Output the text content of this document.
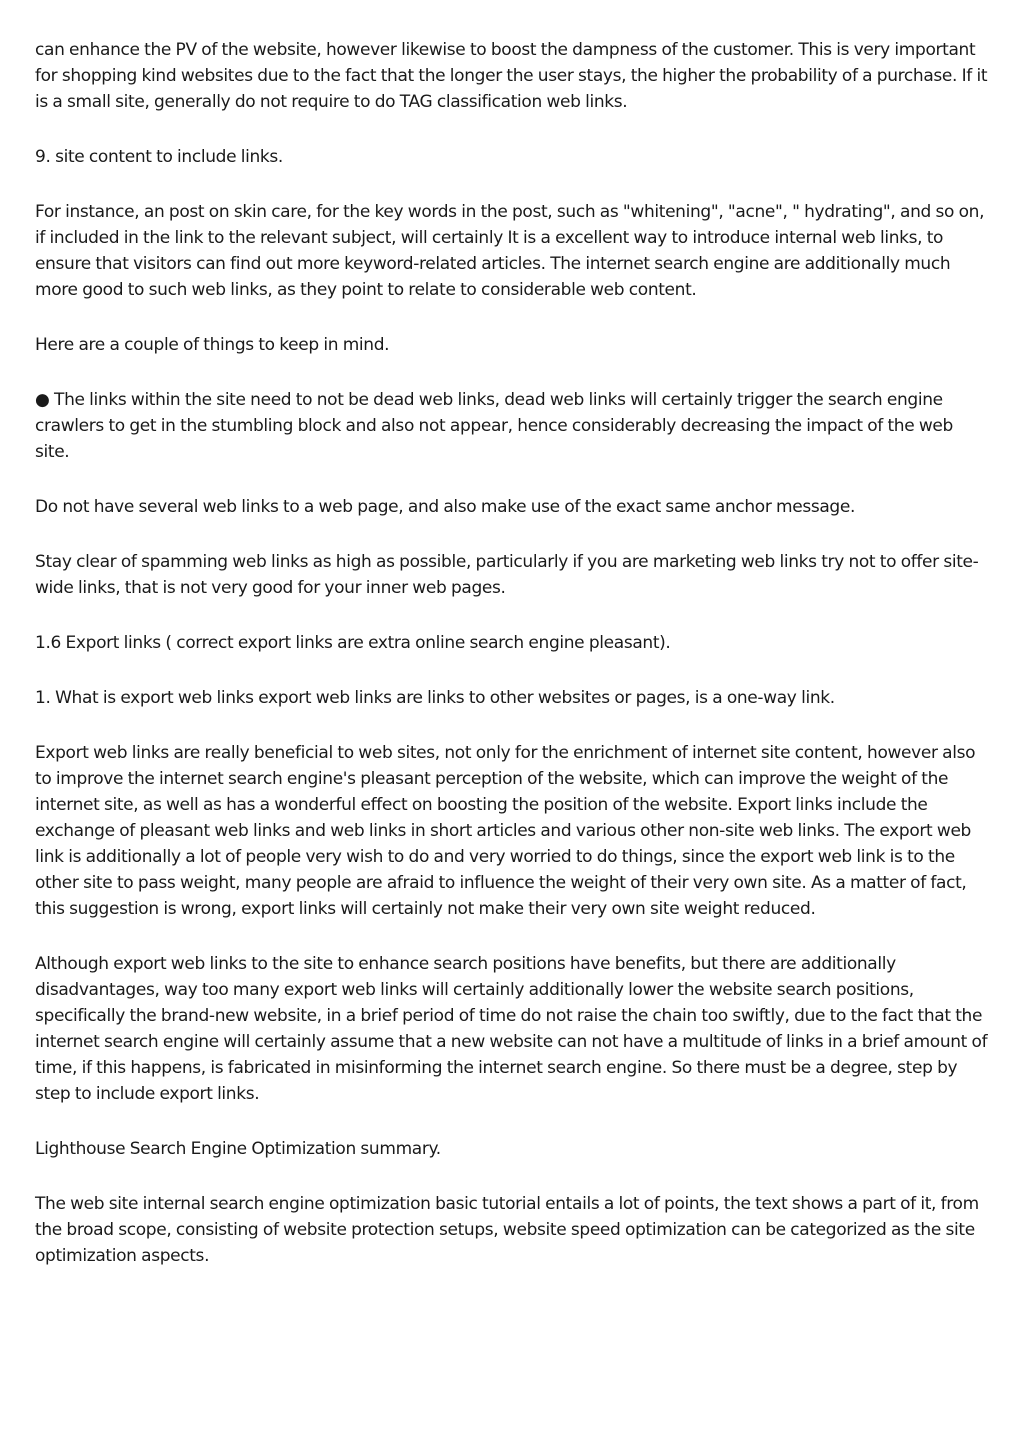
can enhance the PV of the website, however likewise to boost the dampness of the customer. This is very important for shopping kind websites due to the fact that the longer the user stays, the higher the probability of a purchase. If it is a small site, generally do not require to do TAG classification web links.

9. site content to include links.

For instance, an post on skin care, for the key words in the post, such as "whitening", "acne", " hydrating", and so on, if included in the link to the relevant subject, will certainly It is a excellent way to introduce internal web links, to ensure that visitors can find out more keyword-related articles. The internet search engine are additionally much more good to such web links, as they point to relate to considerable web content.

Here are a couple of things to keep in mind.

● The links within the site need to not be dead web links, dead web links will certainly trigger the search engine crawlers to get in the stumbling block and also not appear, hence considerably decreasing the impact of the web site.

Do not have several web links to a web page, and also make use of the exact same anchor message.

Stay clear of spamming web links as high as possible, particularly if you are marketing web links try not to offer site-wide links, that is not very good for your inner web pages.

1.6 Export links ( correct export links are extra online search engine pleasant).

1. What is export web links export web links are links to other websites or pages, is a one-way link.

Export web links are really beneficial to web sites, not only for the enrichment of internet site content, however also to improve the internet search engine's pleasant perception of the website, which can improve the weight of the internet site, as well as has a wonderful effect on boosting the position of the website. Export links include the exchange of pleasant web links and web links in short articles and various other non-site web links. The export web link is additionally a lot of people very wish to do and very worried to do things, since the export web link is to the other site to pass weight, many people are afraid to influence the weight of their very own site. As a matter of fact, this suggestion is wrong, export links will certainly not make their very own site weight reduced.

Although export web links to the site to enhance search positions have benefits, but there are additionally disadvantages, way too many export web links will certainly additionally lower the website search positions, specifically the brand-new website, in a brief period of time do not raise the chain too swiftly, due to the fact that the internet search engine will certainly assume that a new website can not have a multitude of links in a brief amount of time, if this happens, is fabricated in misinforming the internet search engine. So there must be a degree, step by step to include export links.

Lighthouse Search Engine Optimization summary.

The web site internal search engine optimization basic tutorial entails a lot of points, the text shows a part of it, from the broad scope, consisting of website protection setups, website speed optimization can be categorized as the site optimization aspects.
